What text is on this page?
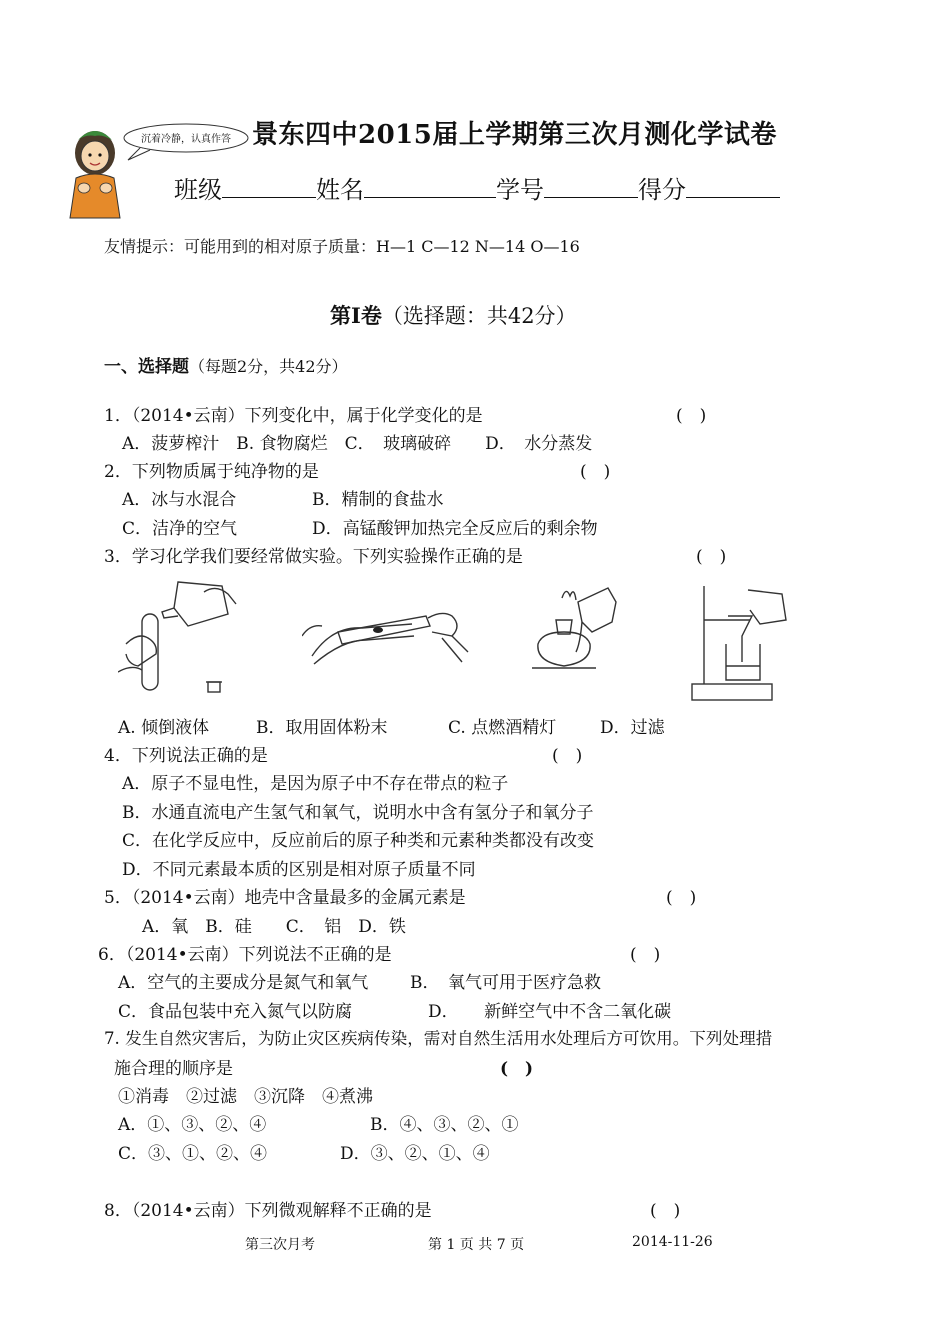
沉着冷静，认真作答 景东四中2015届上学期第三次月测化学试卷
班级	姓名	学号	得分
友情提示：可能用到的相对原子质量：H—1 C—12 N—14 O—16
第I卷（选择题：共42分）
一、选择题（每题2分，共42分）
1．（2014•云南）下列变化中，属于化学变化的是	(　)
A．菠萝榨汁　B. 食物腐烂　C．　玻璃破碎　　D．　水分蒸发
2．下列物质属于纯净物的是	(　)
A．冰与水混合	B．精制的食盐水
C．洁净的空气	D．高锰酸钾加热完全反应后的剩余物
3．学习化学我们要经常做实验。下列实验操作正确的是	(　)
A. 倾倒液体	B．取用固体粉末	C. 点燃酒精灯	D．过滤
4．下列说法正确的是	(　)
A．原子不显电性，是因为原子中不存在带点的粒子
B．水通直流电产生氢气和氧气，说明水中含有氢分子和氧分子
C．在化学反应中，反应前后的原子种类和元素种类都没有改变
D．不同元素最本质的区别是相对原子质量不同
5．（2014•云南）地壳中含量最多的金属元素是	(　)
A．氧　B．硅　　C．　铝　D．铁
6．（2014•云南）下列说法不正确的是	(　)
A．空气的主要成分是氮气和氧气 B．　氧气可用于医疗急救
C．食品包装中充入氮气以防腐	D．　　新鲜空气中不含二氧化碳
7. 发生自然灾害后，为防止灾区疾病传染，需对自然生活用水处理后方可饮用。下列处理措
施合理的顺序是	(　)
①消毒　②过滤　③沉降　④煮沸
A．①、③、②、④	B．④、③、②、①
C．③、①、②、④	D．③、②、①、④
8．（2014•云南）下列微观解释不正确的是	(　)
第三次月考	第 1 页 共 7 页	2014-11-26
